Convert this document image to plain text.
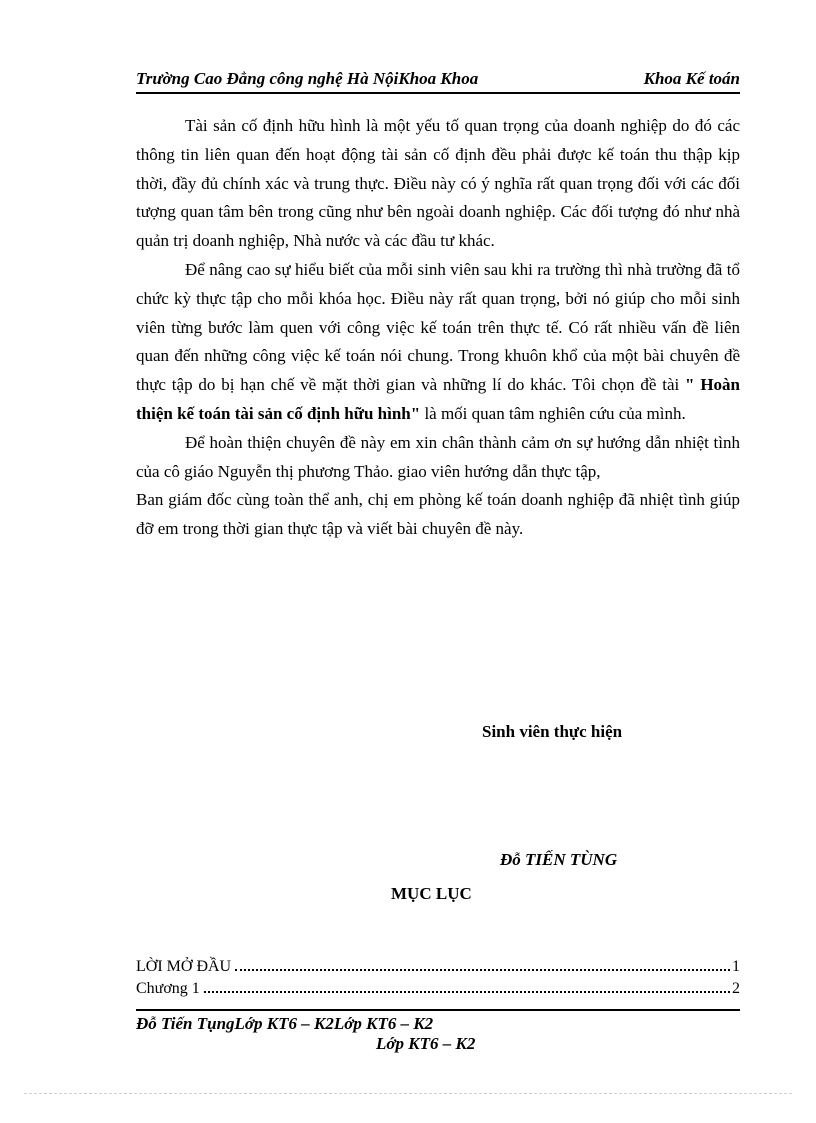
Trường Cao Đẳng công nghệ Hà NộiKhoa Khoa	Khoa Kế toán

Tài sản cố định hữu hình là một yếu tố quan trọng của doanh nghiệp do đó các thông tin liên quan đến hoạt động tài sản cố định đều phải được kế toán thu thập kịp thời, đầy đủ chính xác và trung thực. Điều này có ý nghĩa rất quan trọng đối với các đối tượng quan tâm bên trong cũng như bên ngoài doanh nghiệp. Các đối tượng đó như nhà quản trị doanh nghiệp, Nhà nước và các đầu tư khác.

Để nâng cao sự hiểu biết của mỗi sinh viên sau khi ra trường thì nhà trường đã tổ chức kỳ thực tập cho mỗi khóa học. Điều này rất quan trọng, bởi nó giúp cho mỗi sinh viên từng bước làm quen với công việc kế toán trên thực tế. Có rất nhiều vấn đề liên quan đến những công việc kế toán nói chung. Trong khuôn khổ của một bài chuyên đề thực tập do bị hạn chế về mặt thời gian và những lí do khác. Tôi chọn đề tài " Hoàn thiện kế toán tài sản cố định hữu hình" là mối quan tâm nghiên cứu của mình.

Để hoàn thiện chuyên đề này em xin chân thành cảm ơn sự hướng dẫn nhiệt tình của cô giáo Nguyễn thị phương Thảo. giao viên hướng dẫn thực tập,

Ban giám đốc cùng toàn thể anh, chị em phòng kế toán doanh nghiệp đã nhiệt tình giúp đỡ em trong thời gian thực tập và viết bài chuyên đề này.

Sinh viên thực hiện
Đỗ TIẾN TÙNG
MỤC LỤC
LỜI MỞ ĐẦU	1
Chương 1	2
Đỗ Tiến TụngLớp KT6 – K2Lớp KT6 – K2
Lớp KT6 – K2
